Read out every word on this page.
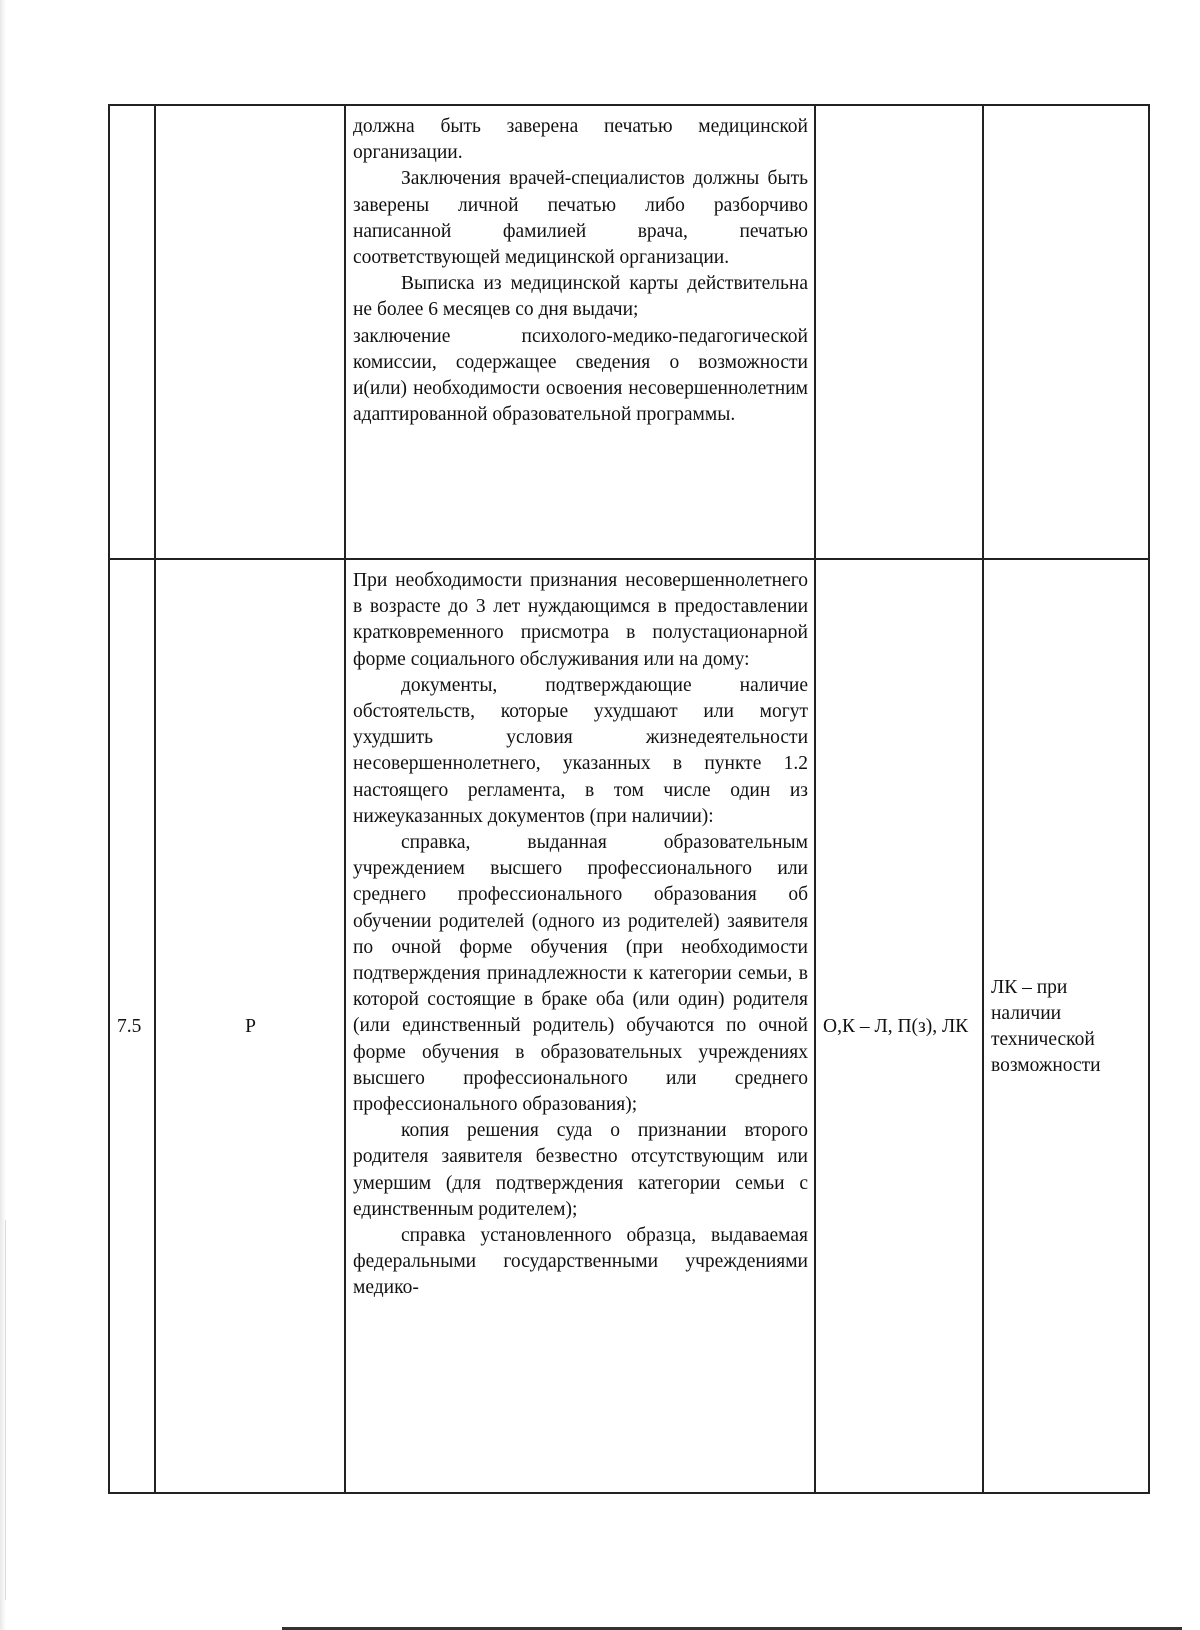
		должна быть заверена печатью медицинской организации.

Заключения врачей-специалистов должны быть заверены личной печатью либо разборчиво написанной фамилией врача, печатью соответствующей медицинской организации.

Выписка из медицинской карты действительна не более 6 месяцев со дня выдачи;

заключение психолого-медико-педагогической комиссии, содержащее сведения о возможности и(или) необходимости освоения несовершеннолетним адаптированной образовательной программы.		

7.5	Р	При необходимости признания несовершеннолетнего в возрасте до 3 лет нуждающимся в предоставлении кратковременного присмотра в полустационарной форме социального обслуживания или на дому:

документы, подтверждающие наличие обстоятельств, которые ухудшают или могут ухудшить условия жизнедеятельности несовершеннолетнего, указанных в пункте 1.2 настоящего регламента, в том числе один из нижеуказанных документов (при наличии):

справка, выданная образовательным учреждением высшего профессионального или среднего профессионального образования об обучении родителей (одного из родителей) заявителя по очной форме обучения (при необходимости подтверждения принадлежности к категории семьи, в которой состоящие в браке оба (или один) родителя (или единственный родитель) обучаются по очной форме обучения в образовательных учреждениях высшего профессионального или среднего профессионального образования);

копия решения суда о признании второго родителя заявителя безвестно отсутствующим или умершим (для подтверждения категории семьи с единственным родителем);

справка установленного образца, выдаваемая федеральными государственными учреждениями медико-	О,К – Л, П(з), ЛК	ЛК – при наличии технической возможности
